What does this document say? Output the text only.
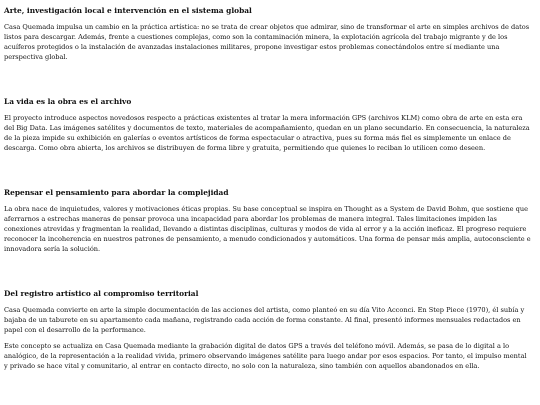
Arte, investigación local e intervención en el sistema global

Casa Quemada impulsa un cambio en la práctica artística: no se trata de crear objetos que admirar, sino de transformar el arte en simples archivos de datos listos para descargar. Además, frente a cuestiones complejas, como son la contaminación minera, la explotación agrícola del trabajo migrante y de los acuíferos protegidos o la instalación de avanzadas instalaciones militares, propone investigar estos problemas conectándolos entre sí mediante una perspectiva global.

La vida es la obra es el archivo

El proyecto introduce aspectos novedosos respecto a prácticas existentes al tratar la mera información GPS (archivos KLM) como obra de arte en esta era del Big Data. Las imágenes satélites y documentos de texto, materiales de acompañamiento, quedan en un plano secundario. En consecuencia, la naturaleza de la pieza impide su exhibición en galerías o eventos artísticos de forma espectacular o atractiva, pues su forma más fiel es simplemente un enlace de descarga. Como obra abierta, los archivos se distribuyen de forma libre y gratuita, permitiendo que quienes lo reciban lo utilicen como deseen.

Repensar el pensamiento para abordar la complejidad

La obra nace de inquietudes, valores y motivaciones éticas propias. Su base conceptual se inspira en Thought as a System de David Bohm, que sostiene que aferrarnos a estrechas maneras de pensar provoca una incapacidad para abordar los problemas de manera integral. Tales limitaciones impiden las conexiones atrevidas y fragmentan la realidad, llevando a distintas disciplinas, culturas y modos de vida al error y a la acción ineficaz. El progreso requiere reconocer la incoherencia en nuestros patrones de pensamiento, a menudo condicionados y automáticos. Una forma de pensar más amplia, autoconsciente e innovadora sería la solución.

Del registro artístico al compromiso territorial

Casa Quemada convierte en arte la simple documentación de las acciones del artista, como planteó en su día Vito Acconci. En Step Piece (1970), él subía y bajaba de un taburete en su apartamento cada mañana, registrando cada acción de forma constante. Al final, presentó informes mensuales redactados en papel con el desarrollo de la performance.

Este concepto se actualiza en Casa Quemada mediante la grabación digital de datos GPS a través del teléfono móvil. Además, se pasa de lo digital a lo analógico, de la representación a la realidad vivida, primero observando imágenes satélite para luego andar por esos espacios. Por tanto, el impulso mental y privado se hace vital y comunitario, al entrar en contacto directo, no solo con la naturaleza, sino también con aquellos abandonados en ella.
